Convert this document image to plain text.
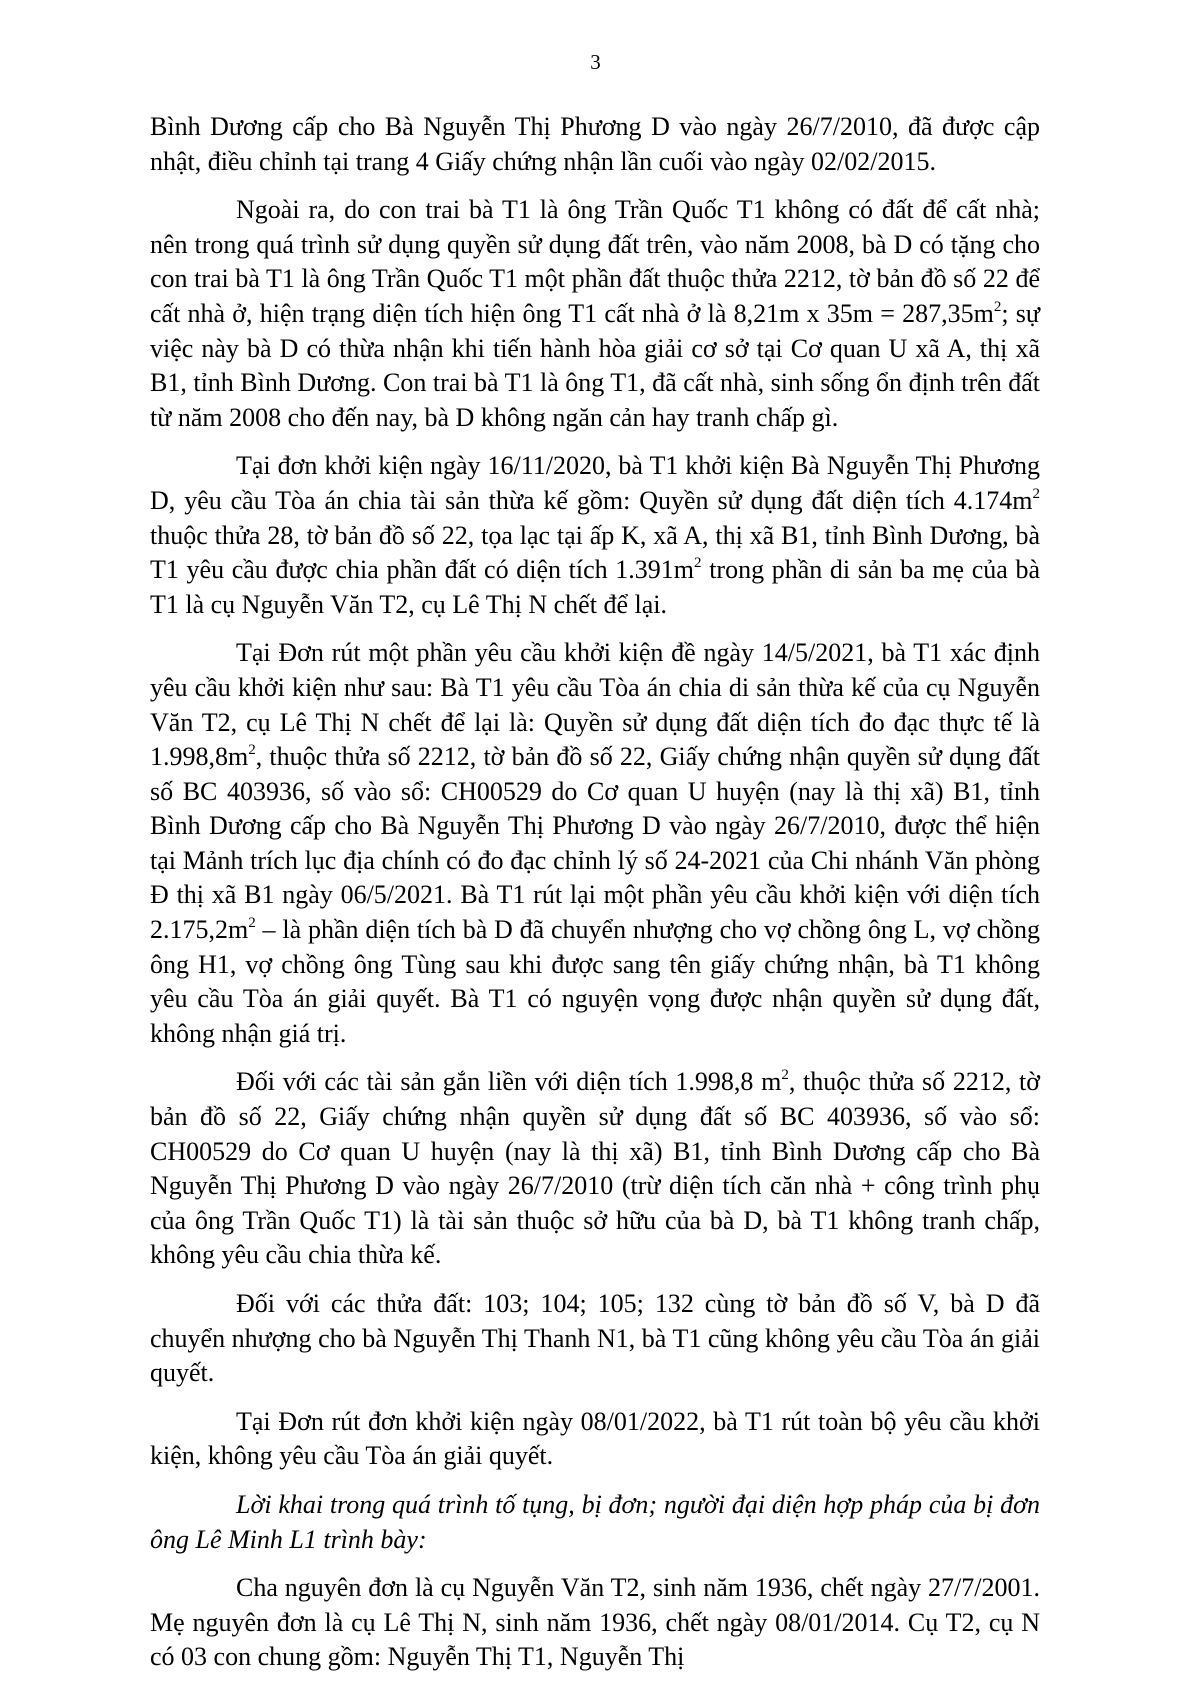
3

Bình Dương cấp cho Bà Nguyễn Thị Phương D vào ngày 26/7/2010, đã được cập nhật, điều chỉnh tại trang 4 Giấy chứng nhận lần cuối vào ngày 02/02/2015.

Ngoài ra, do con trai bà T1 là ông Trần Quốc T1 không có đất để cất nhà; nên trong quá trình sử dụng quyền sử dụng đất trên, vào năm 2008, bà D có tặng cho con trai bà T1 là ông Trần Quốc T1 một phần đất thuộc thửa 2212, tờ bản đồ số 22 để cất nhà ở, hiện trạng diện tích hiện ông T1 cất nhà ở là 8,21m x $35m = 287,35m^2$; sự việc này bà D có thừa nhận khi tiến hành hòa giải cơ sở tại Cơ quan U xã A, thị xã B1, tỉnh Bình Dương. Con trai bà T1 là ông T1, đã cất nhà, sinh sống ổn định trên đất từ năm 2008 cho đến nay, bà D không ngăn cản hay tranh chấp gì.

Tại đơn khởi kiện ngày 16/11/2020, bà T1 khởi kiện Bà Nguyễn Thị Phương D, yêu cầu Tòa án chia tài sản thừa kế gồm: Quyền sử dụng đất diện tích $4.174m^2$ thuộc thửa 28, tờ bản đồ số 22, tọa lạc tại ấp K, xã A, thị xã B1, tỉnh Bình Dương, bà T1 yêu cầu được chia phần đất có diện tích $1.391m^2$ trong phần di sản ba mẹ của bà T1 là cụ Nguyễn Văn T2, cụ Lê Thị N chết để lại.

Tại Đơn rút một phần yêu cầu khởi kiện đề ngày 14/5/2021, bà T1 xác định yêu cầu khởi kiện như sau: Bà T1 yêu cầu Tòa án chia di sản thừa kế của cụ Nguyễn Văn T2, cụ Lê Thị N chết để lại là: Quyền sử dụng đất diện tích đo đạc thực tế là $1.998,8m^2$, thuộc thửa số 2212, tờ bản đồ số 22, Giấy chứng nhận quyền sử dụng đất số BC 403936, số vào sổ: CH00529 do Cơ quan U huyện (nay là thị xã) B1, tỉnh Bình Dương cấp cho Bà Nguyễn Thị Phương D vào ngày 26/7/2010, được thể hiện tại Mảnh trích lục địa chính có đo đạc chỉnh lý số 24-2021 của Chi nhánh Văn phòng Đ thị xã B1 ngày 06/5/2021. Bà T1 rút lại một phần yêu cầu khởi kiện với diện tích $2.175,2m^2$ – là phần diện tích bà D đã chuyển nhượng cho vợ chồng ông L, vợ chồng ông H1, vợ chồng ông Tùng sau khi được sang tên giấy chứng nhận, bà T1 không yêu cầu Tòa án giải quyết. Bà T1 có nguyện vọng được nhận quyền sử dụng đất, không nhận giá trị.

Đối với các tài sản gắn liền với diện tích 1.998,8 $m^2$, thuộc thửa số 2212, tờ bản đồ số 22, Giấy chứng nhận quyền sử dụng đất số BC 403936, số vào sổ: CH00529 do Cơ quan U huyện (nay là thị xã) B1, tỉnh Bình Dương cấp cho Bà Nguyễn Thị Phương D vào ngày 26/7/2010 (trừ diện tích căn nhà + công trình phụ của ông Trần Quốc T1) là tài sản thuộc sở hữu của bà D, bà T1 không tranh chấp, không yêu cầu chia thừa kế.

Đối với các thửa đất: 103; 104; 105; 132 cùng tờ bản đồ số V, bà D đã chuyển nhượng cho bà Nguyễn Thị Thanh N1, bà T1 cũng không yêu cầu Tòa án giải quyết.

Tại Đơn rút đơn khởi kiện ngày 08/01/2022, bà T1 rút toàn bộ yêu cầu khởi kiện, không yêu cầu Tòa án giải quyết.

Lời khai trong quá trình tố tụng, bị đơn; người đại diện hợp pháp của bị đơn ông Lê Minh L1 trình bày:

Cha nguyên đơn là cụ Nguyễn Văn T2, sinh năm 1936, chết ngày 27/7/2001. Mẹ nguyên đơn là cụ Lê Thị N, sinh năm 1936, chết ngày 08/01/2014. Cụ T2, cụ N có 03 con chung gồm: Nguyễn Thị T1, Nguyễn Thị
